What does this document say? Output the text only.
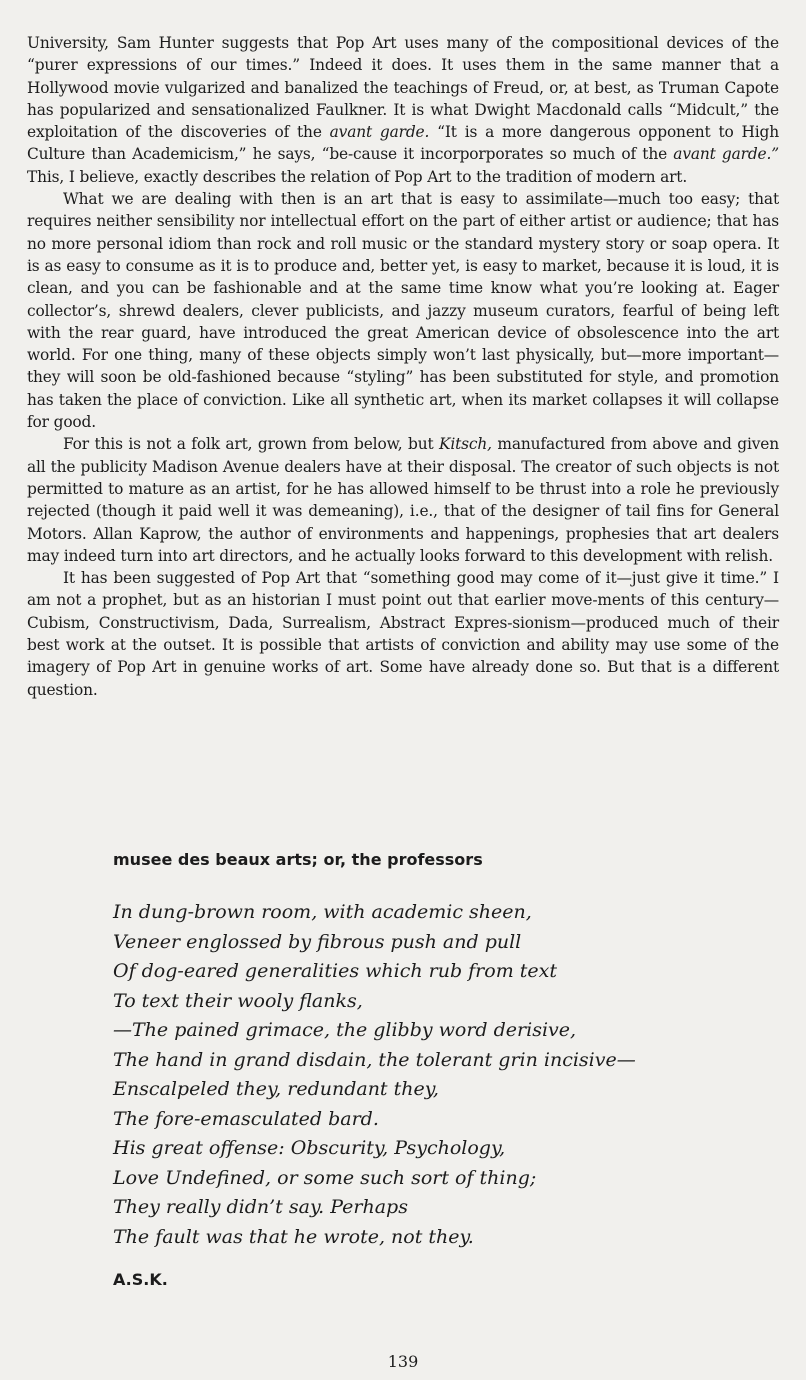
University, Sam Hunter suggests that Pop Art uses many of the compositional devices of the “purer expressions of our times.” Indeed it does. It uses them in the same manner that a Hollywood movie vulgarized and banalized the teachings of Freud, or, at best, as Truman Capote has popularized and sensationalized Faulkner. It is what Dwight Macdonald calls “Midcult,” the exploitation of the discoveries of the avant garde. “It is a more dangerous opponent to High Culture than Academicism,” he says, “be-cause it incorporporates so much of the avant garde.” This, I believe, exactly describes the relation of Pop Art to the tradition of modern art.

What we are dealing with then is an art that is easy to assimilate—much too easy; that requires neither sensibility nor intellectual effort on the part of either artist or audience; that has no more personal idiom than rock and roll music or the standard mystery story or soap opera. It is as easy to consume as it is to produce and, better yet, is easy to market, because it is loud, it is clean, and you can be fashionable and at the same time know what you’re looking at. Eager collector’s, shrewd dealers, clever publicists, and jazzy museum curators, fearful of being left with the rear guard, have introduced the great American device of obsolescence into the art world. For one thing, many of these objects simply won’t last physically, but—more important—they will soon be old-fashioned because “styling” has been substituted for style, and promotion has taken the place of conviction. Like all synthetic art, when its market collapses it will collapse for good.

For this is not a folk art, grown from below, but Kitsch, manufactured from above and given all the publicity Madison Avenue dealers have at their disposal. The creator of such objects is not permitted to mature as an artist, for he has allowed himself to be thrust into a role he previously rejected (though it paid well it was demeaning), i.e., that of the designer of tail fins for General Motors. Allan Kaprow, the author of environments and happenings, prophesies that art dealers may indeed turn into art directors, and he actually looks forward to this development with relish.

It has been suggested of Pop Art that “something good may come of it—just give it time.” I am not a prophet, but as an historian I must point out that earlier move-ments of this century—Cubism, Constructivism, Dada, Surrealism, Abstract Expres-sionism—produced much of their best work at the outset. It is possible that artists of conviction and ability may use some of the imagery of Pop Art in genuine works of art. Some have already done so. But that is a different question.

musee des beaux arts; or, the professors
In dung-brown room, with academic sheen,
Veneer englossed by fibrous push and pull
Of dog-eared generalities which rub from text
To text their wooly flanks,
—The pained grimace, the glibby word derisive,
The hand in grand disdain, the tolerant grin incisive—
Enscalpeled they, redundant they,
The fore-emasculated bard.
His great offense: Obscurity, Psychology,
Love Undefined, or some such sort of thing;
They really didn’t say. Perhaps
The fault was that he wrote, not they.
A.S.K.
139
